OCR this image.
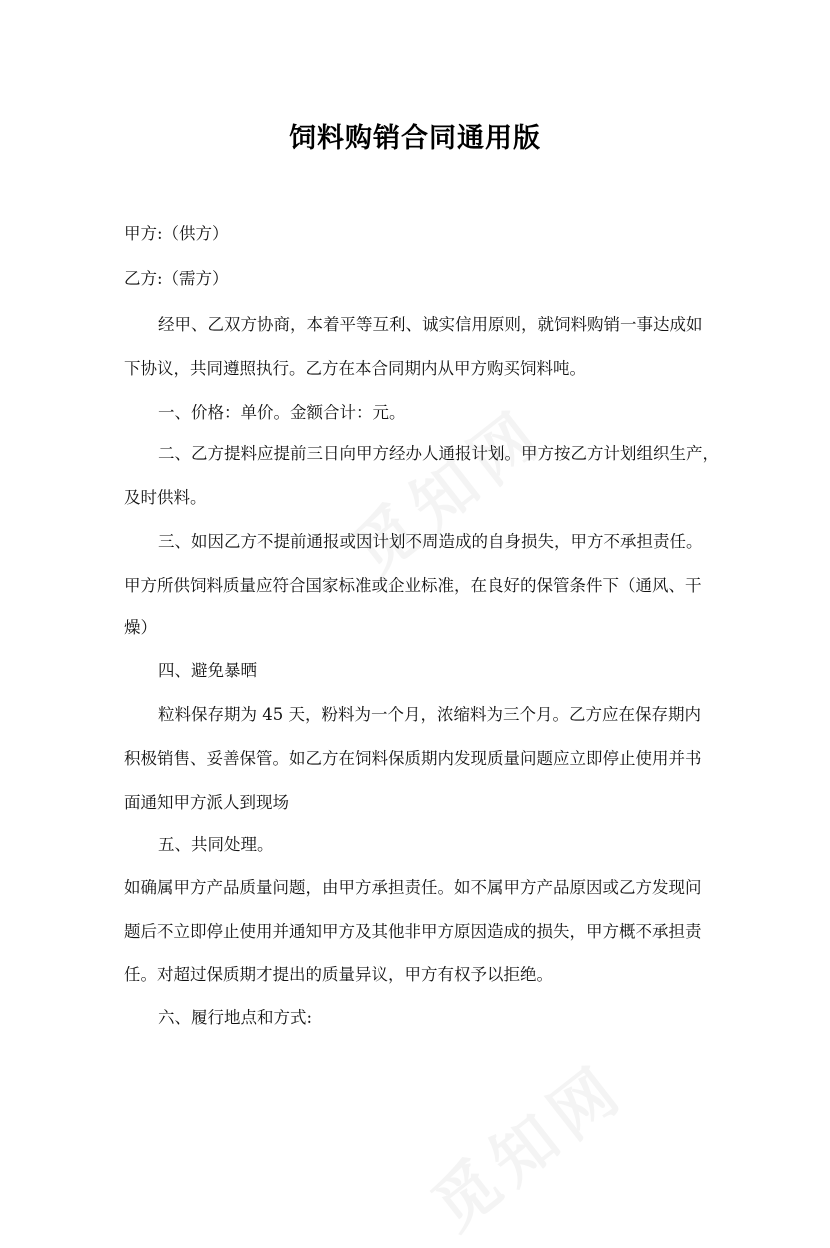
饲料购销合同通用版
甲方:（供方）
乙方:（需方）
经甲、乙双方协商，本着平等互利、诚实信用原则，就饲料购销一事达成如
下协议，共同遵照执行。乙方在本合同期内从甲方购买饲料吨。
一、价格：单价。金额合计：元。
二、乙方提料应提前三日向甲方经办人通报计划。甲方按乙方计划组织生产，
及时供料。
三、如因乙方不提前通报或因计划不周造成的自身损失，甲方不承担责任。
甲方所供饲料质量应符合国家标准或企业标准，在良好的保管条件下（通风、干
燥）
四、避免暴晒
粒料保存期为 45 天，粉料为一个月，浓缩料为三个月。乙方应在保存期内
积极销售、妥善保管。如乙方在饲料保质期内发现质量问题应立即停止使用并书
面通知甲方派人到现场
五、共同处理。
如确属甲方产品质量问题，由甲方承担责任。如不属甲方产品原因或乙方发现问
题后不立即停止使用并通知甲方及其他非甲方原因造成的损失，甲方概不承担责
任。对超过保质期才提出的质量异议，甲方有权予以拒绝。
六、履行地点和方式:
